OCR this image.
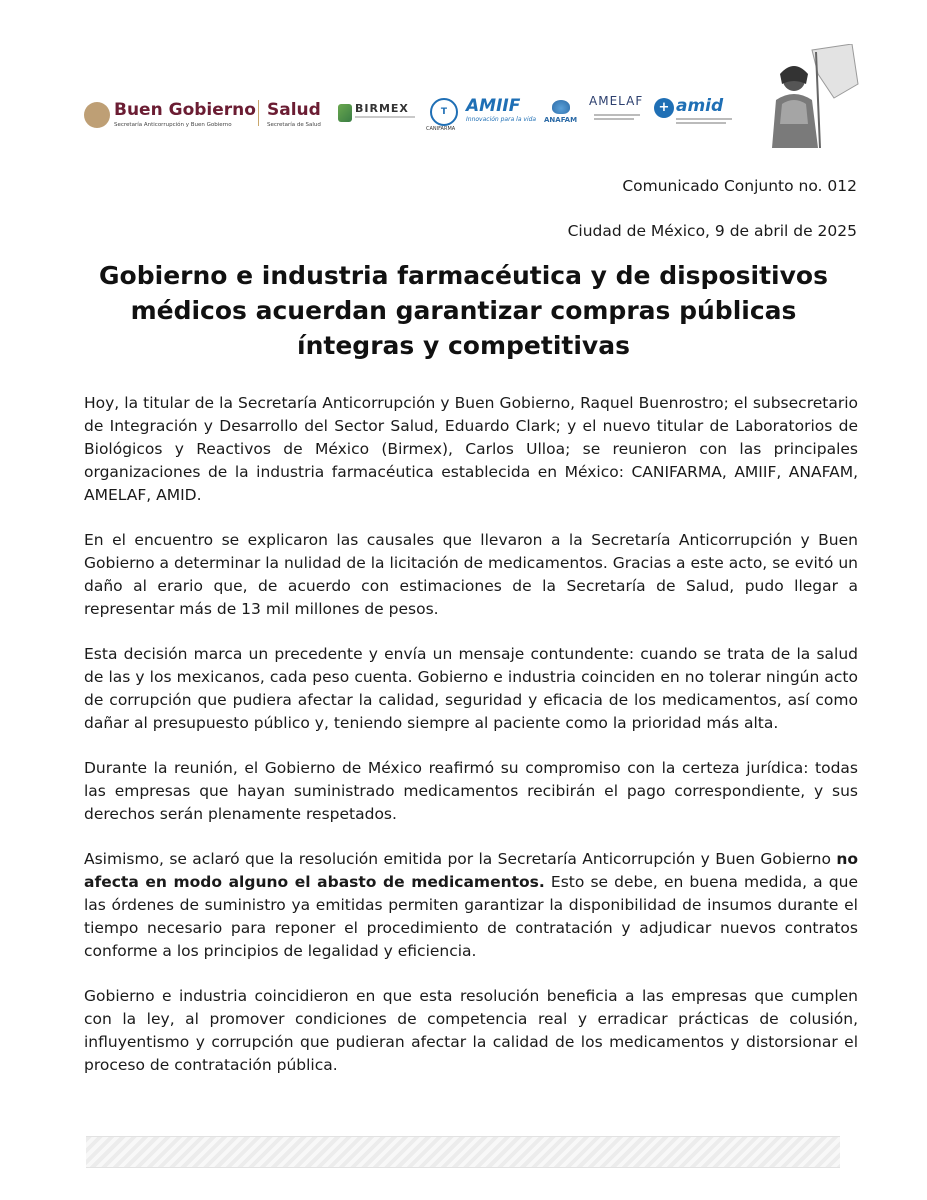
Buen Gobierno
Secretaría Anticorrupción y Buen Gobierno
Salud
Secretaría de Salud
BIRMEX	T
CANIFARMA
AMIIF
Innovación para la vida ANAFAM
AMELAF	+ amid
Comunicado Conjunto no. 012
Ciudad de México, 9 de abril de 2025
Gobierno e industria farmacéutica y de dispositivos médicos acuerdan garantizar compras públicas íntegras y competitivas

Hoy, la titular de la Secretaría Anticorrupción y Buen Gobierno, Raquel Buenrostro; el subsecretario de Integración y Desarrollo del Sector Salud, Eduardo Clark; y el nuevo titular de Laboratorios de Biológicos y Reactivos de México (Birmex), Carlos Ulloa; se reunieron con las principales organizaciones de la industria farmacéutica establecida en México: CANIFARMA, AMIIF, ANAFAM, AMELAF, AMID.

En el encuentro se explicaron las causales que llevaron a la Secretaría Anticorrupción y Buen Gobierno a determinar la nulidad de la licitación de medicamentos. Gracias a este acto, se evitó un daño al erario que, de acuerdo con estimaciones de la Secretaría de Salud, pudo llegar a representar más de 13 mil millones de pesos.

Esta decisión marca un precedente y envía un mensaje contundente: cuando se trata de la salud de las y los mexicanos, cada peso cuenta. Gobierno e industria coinciden en no tolerar ningún acto de corrupción que pudiera afectar la calidad, seguridad y eficacia de los medicamentos, así como dañar al presupuesto público y, teniendo siempre al paciente como la prioridad más alta.

Durante la reunión, el Gobierno de México reafirmó su compromiso con la certeza jurídica: todas las empresas que hayan suministrado medicamentos recibirán el pago correspondiente, y sus derechos serán plenamente respetados.

Asimismo, se aclaró que la resolución emitida por la Secretaría Anticorrupción y Buen Gobierno no afecta en modo alguno el abasto de medicamentos. Esto se debe, en buena medida, a que las órdenes de suministro ya emitidas permiten garantizar la disponibilidad de insumos durante el tiempo necesario para reponer el procedimiento de contratación y adjudicar nuevos contratos conforme a los principios de legalidad y eficiencia.

Gobierno e industria coincidieron en que esta resolución beneficia a las empresas que cumplen con la ley, al promover condiciones de competencia real y erradicar prácticas de colusión, influyentismo y corrupción que pudieran afectar la calidad de los medicamentos y distorsionar el proceso de contratación pública.
